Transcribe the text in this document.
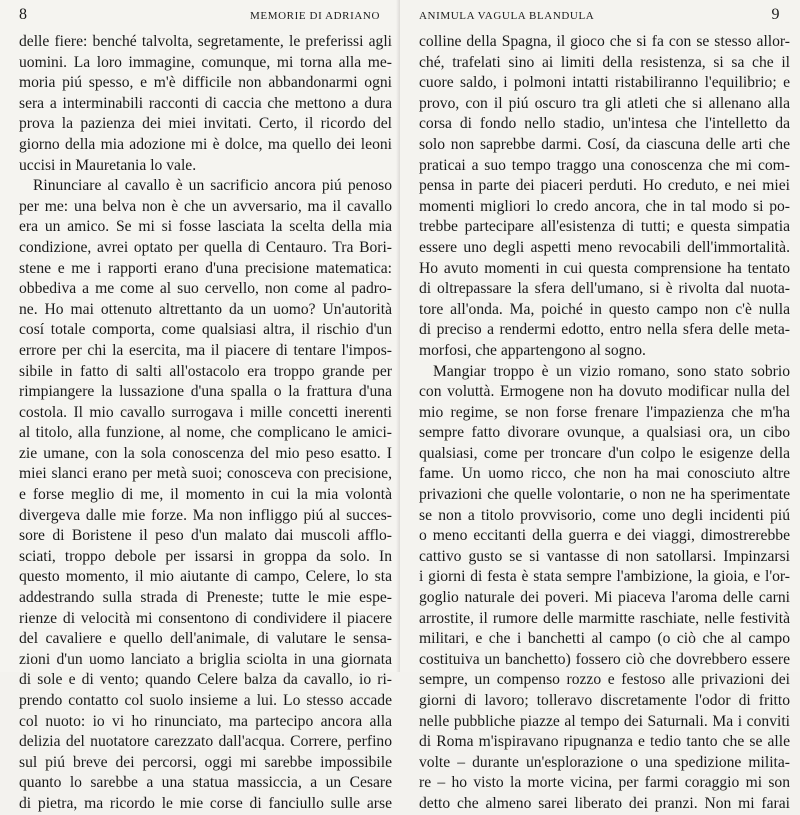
8	MEMORIE DI ADRIANO
delle fiere: benché talvolta, segretamente, le preferissi agli
uomini. La loro immagine, comunque, mi torna alla me-
moria piú spesso, e m'è difficile non abbandonarmi ogni
sera a interminabili racconti di caccia che mettono a dura
prova la pazienza dei miei invitati. Certo, il ricordo del
giorno della mia adozione mi è dolce, ma quello dei leoni
uccisi in Mauretania lo vale.
Rinunciare al cavallo è un sacrificio ancora piú penoso
per me: una belva non è che un avversario, ma il cavallo
era un amico. Se mi si fosse lasciata la scelta della mia
condizione, avrei optato per quella di Centauro. Tra Bori-
stene e me i rapporti erano d'una precisione matematica:
obbediva a me come al suo cervello, non come al padro-
ne. Ho mai ottenuto altrettanto da un uomo? Un'autorità
cosí totale comporta, come qualsiasi altra, il rischio d'un
errore per chi la esercita, ma il piacere di tentare l'impos-
sibile in fatto di salti all'ostacolo era troppo grande per
rimpiangere la lussazione d'una spalla o la frattura d'una
costola. Il mio cavallo surrogava i mille concetti inerenti
al titolo, alla funzione, al nome, che complicano le amici-
zie umane, con la sola conoscenza del mio peso esatto. I
miei slanci erano per metà suoi; conosceva con precisione,
e forse meglio di me, il momento in cui la mia volontà
divergeva dalle mie forze. Ma non infliggo piú al succes-
sore di Boristene il peso d'un malato dai muscoli afflo-
sciati, troppo debole per issarsi in groppa da solo. In
questo momento, il mio aiutante di campo, Celere, lo sta
addestrando sulla strada di Preneste; tutte le mie espe-
rienze di velocità mi consentono di condividere il piacere
del cavaliere e quello dell'animale, di valutare le sensa-
zioni d'un uomo lanciato a briglia sciolta in una giornata
di sole e di vento; quando Celere balza da cavallo, io ri-
prendo contatto col suolo insieme a lui. Lo stesso accade
col nuoto: io vi ho rinunciato, ma partecipo ancora alla
delizia del nuotatore carezzato dall'acqua. Correre, perfino
sul piú breve dei percorsi, oggi mi sarebbe impossibile
quanto lo sarebbe a una statua massiccia, a un Cesare
di pietra, ma ricordo le mie corse di fanciullo sulle arse
ANIMULA VAGULA BLANDULA	9
colline della Spagna, il gioco che si fa con se stesso allor-
ché, trafelati sino ai limiti della resistenza, si sa che il
cuore saldo, i polmoni intatti ristabiliranno l'equilibrio; e
provo, con il piú oscuro tra gli atleti che si allenano alla
corsa di fondo nello stadio, un'intesa che l'intelletto da
solo non saprebbe darmi. Cosí, da ciascuna delle arti che
praticai a suo tempo traggo una conoscenza che mi com-
pensa in parte dei piaceri perduti. Ho creduto, e nei miei
momenti migliori lo credo ancora, che in tal modo si po-
trebbe partecipare all'esistenza di tutti; e questa simpatia
essere uno degli aspetti meno revocabili dell'immortalità.
Ho avuto momenti in cui questa comprensione ha tentato
di oltrepassare la sfera dell'umano, si è rivolta dal nuota-
tore all'onda. Ma, poiché in questo campo non c'è nulla
di preciso a rendermi edotto, entro nella sfera delle meta-
morfosi, che appartengono al sogno.
Mangiar troppo è un vizio romano, sono stato sobrio
con voluttà. Ermogene non ha dovuto modificar nulla del
mio regime, se non forse frenare l'impazienza che m'ha
sempre fatto divorare ovunque, a qualsiasi ora, un cibo
qualsiasi, come per troncare d'un colpo le esigenze della
fame. Un uomo ricco, che non ha mai conosciuto altre
privazioni che quelle volontarie, o non ne ha sperimentate
se non a titolo provvisorio, come uno degli incidenti piú
o meno eccitanti della guerra e dei viaggi, dimostrerebbe
cattivo gusto se si vantasse di non satollarsi. Impinzarsi
i giorni di festa è stata sempre l'ambizione, la gioia, e l'or-
goglio naturale dei poveri. Mi piaceva l'aroma delle carni
arrostite, il rumore delle marmitte raschiate, nelle festività
militari, e che i banchetti al campo (o ciò che al campo
costituiva un banchetto) fossero ciò che dovrebbero essere
sempre, un compenso rozzo e festoso alle privazioni dei
giorni di lavoro; tolleravo discretamente l'odor di fritto
nelle pubbliche piazze al tempo dei Saturnali. Ma i conviti
di Roma m'ispiravano ripugnanza e tedio tanto che se alle
volte – durante un'esplorazione o una spedizione milita-
re – ho visto la morte vicina, per farmi coraggio mi son
detto che almeno sarei liberato dei pranzi. Non mi farai
